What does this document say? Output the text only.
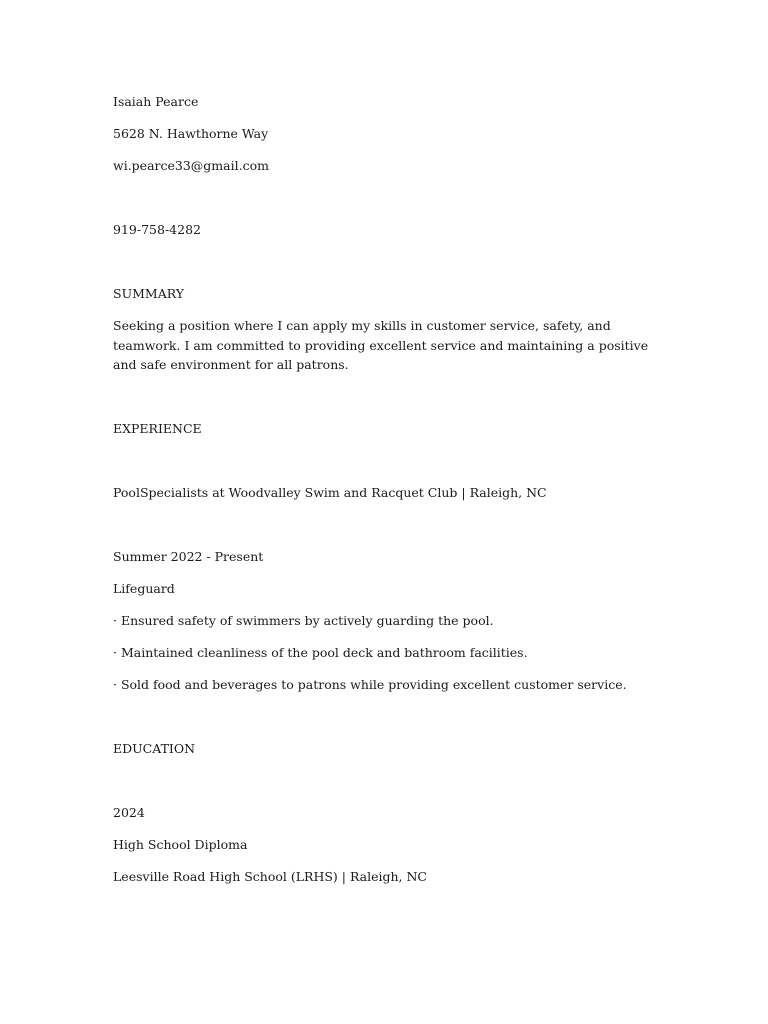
Isaiah Pearce

5628 N. Hawthorne Way

wi.pearce33@gmail.com

919-758-4282

SUMMARY

Seeking a position where I can apply my skills in customer service, safety, and teamwork. I am committed to providing excellent service and maintaining a positive and safe environment for all patrons.

EXPERIENCE

PoolSpecialists at Woodvalley Swim and Racquet Club | Raleigh, NC

Summer 2022 - Present

Lifeguard

· Ensured safety of swimmers by actively guarding the pool.

· Maintained cleanliness of the pool deck and bathroom facilities.

· Sold food and beverages to patrons while providing excellent customer service.

EDUCATION

2024

High School Diploma

Leesville Road High School (LRHS) | Raleigh, NC
